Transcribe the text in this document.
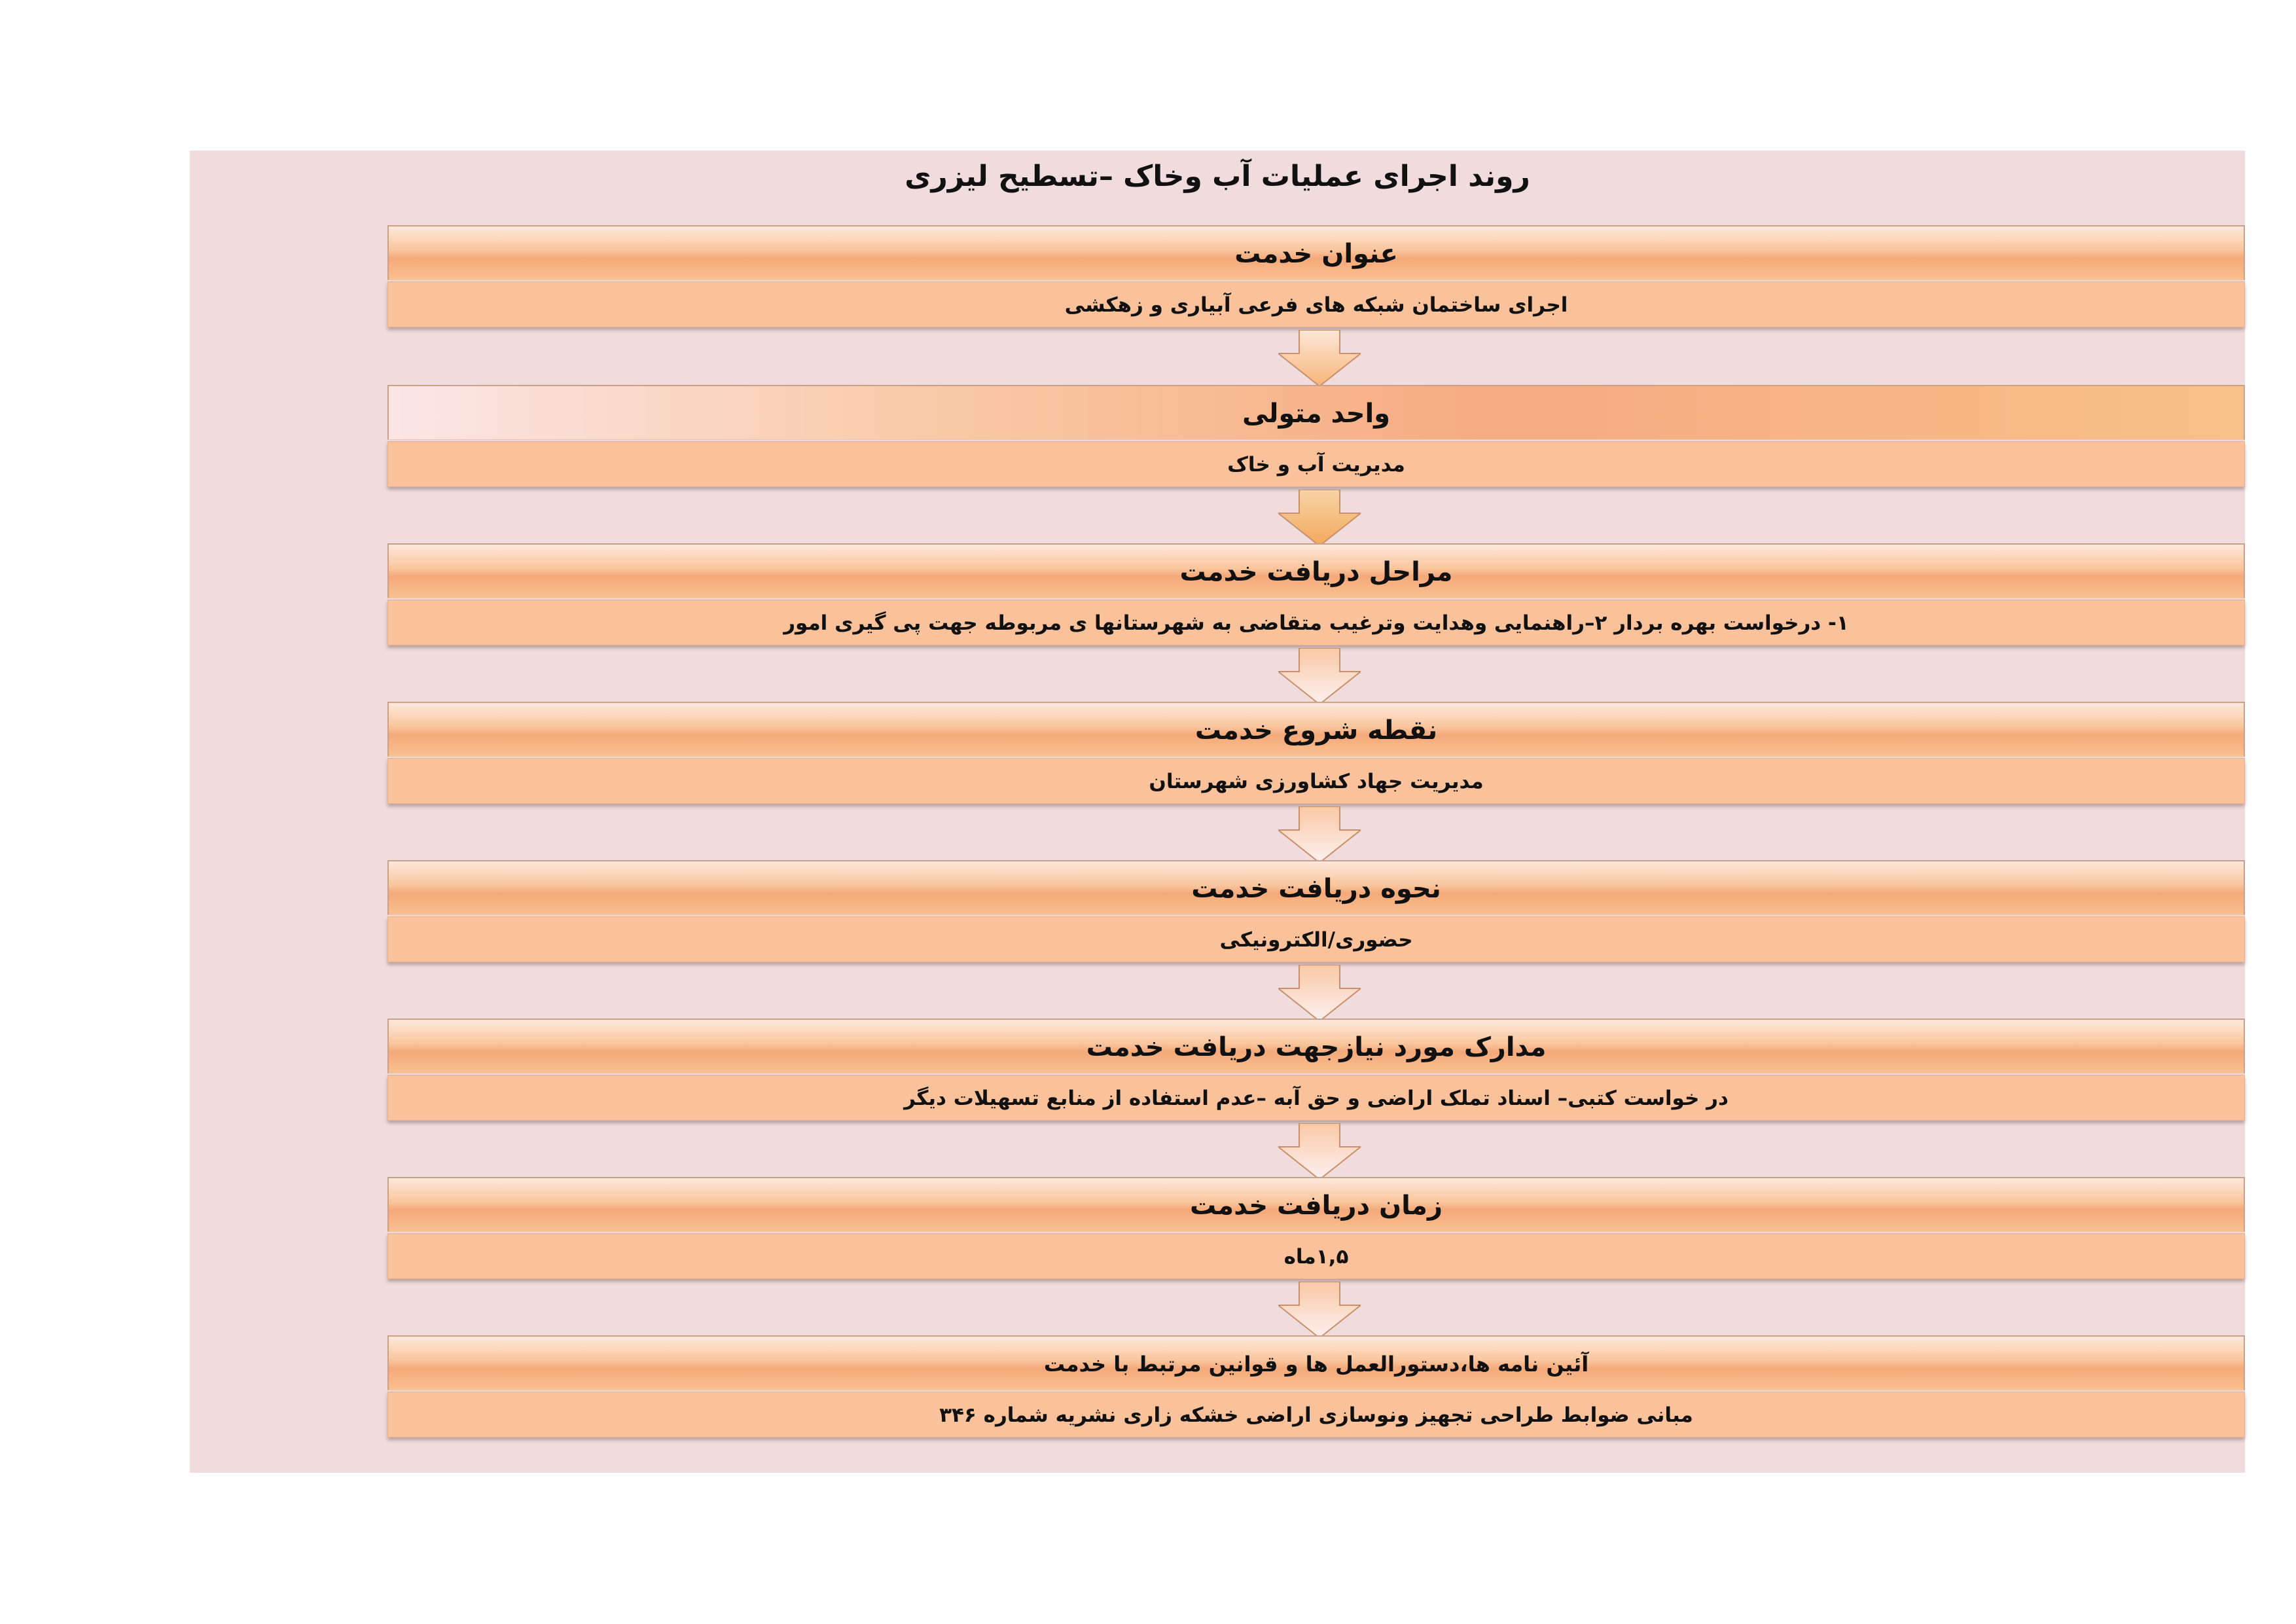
روند اجرای عملیات آب وخاک –تسطیح لیزری
عنوان خدمت
اجرای ساختمان شبکه های فرعی آبیاری و زهکشی
واحد متولی
مدیریت آب و خاک
مراحل دریافت خدمت
۱- درخواست بهره بردار ۲–راهنمایی وهدایت وترغیب متقاضی به شهرستانها ی مربوطه جهت پی گیری امور
نقطه شروع خدمت
مدیریت جهاد کشاورزی شهرستان
نحوه دریافت خدمت
حضوری/الکترونیکی
مدارک مورد نیازجهت دریافت خدمت
در خواست کتبی– اسناد تملک اراضی و حق آبه –عدم استفاده از منابع تسهیلات دیگر
زمان دریافت خدمت
۱,۵ماه
آئین نامه ها،دستورالعمل ها و قوانین مرتبط با خدمت
مبانی ضوابط طراحی تجهیز ونوسازی اراضی خشکه زاری نشریه شماره ۳۴۶
